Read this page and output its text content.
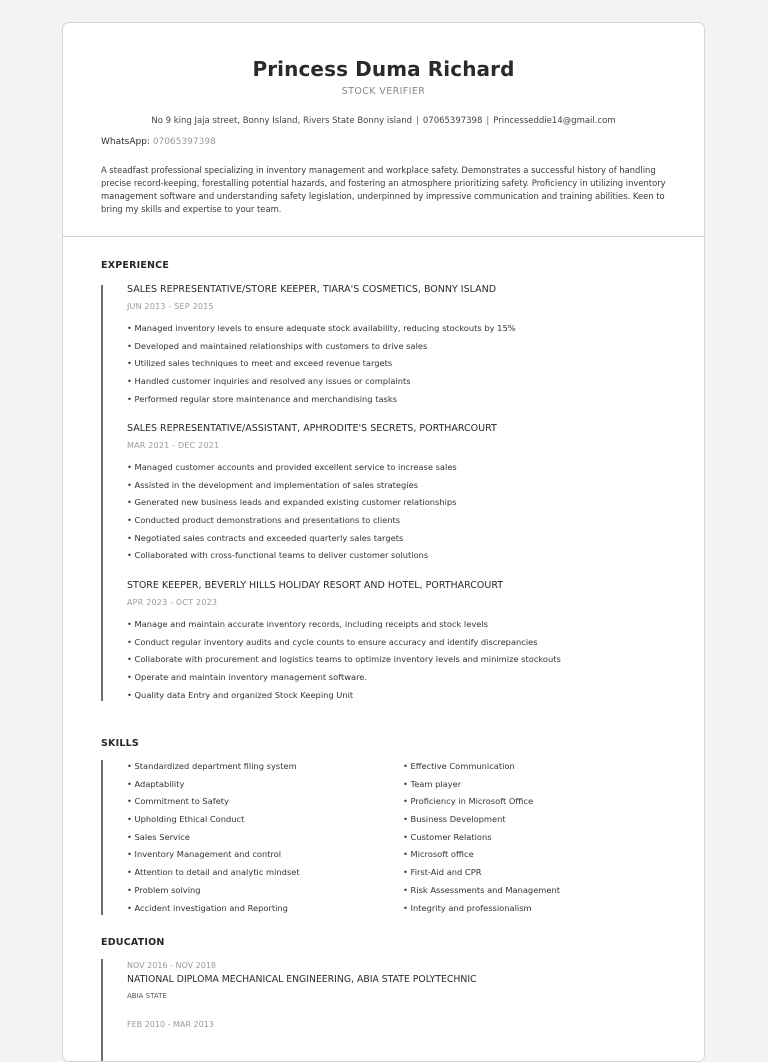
Princess Duma Richard
STOCK VERIFIER
No 9 king Jaja street, Bonny Island, Rivers State Bonny island | 07065397398 | Princesseddie14@gmail.com
WhatsApp: 07065397398
A steadfast professional specializing in inventory management and workplace safety. Demonstrates a successful history of handling precise record-keeping, forestalling potential hazards, and fostering an atmosphere prioritizing safety. Proficiency in utilizing inventory management software and understanding safety legislation, underpinned by impressive communication and training abilities. Keen to bring my skills and expertise to your team.
EXPERIENCE
SALES REPRESENTATIVE/STORE KEEPER, TIARA'S COSMETICS, BONNY ISLAND
JUN 2013 - SEP 2015
• Managed inventory levels to ensure adequate stock availability, reducing stockouts by 15%
• Developed and maintained relationships with customers to drive sales
• Utilized sales techniques to meet and exceed revenue targets
• Handled customer inquiries and resolved any issues or complaints
• Performed regular store maintenance and merchandising tasks
SALES REPRESENTATIVE/ASSISTANT, APHRODITE'S SECRETS, PORTHARCOURT
MAR 2021 - DEC 2021
• Managed customer accounts and provided excellent service to increase sales
• Assisted in the development and implementation of sales strategies
• Generated new business leads and expanded existing customer relationships
• Conducted product demonstrations and presentations to clients
• Negotiated sales contracts and exceeded quarterly sales targets
• Collaborated with cross-functional teams to deliver customer solutions
STORE KEEPER, BEVERLY HILLS HOLIDAY RESORT AND HOTEL, PORTHARCOURT
APR 2023 - OCT 2023
• Manage and maintain accurate inventory records, including receipts and stock levels
• Conduct regular inventory audits and cycle counts to ensure accuracy and identify discrepancies
• Collaborate with procurement and logistics teams to optimize inventory levels and minimize stockouts
• Operate and maintain inventory management software.
• Quality data Entry and organized Stock Keeping Unit
SKILLS
• Standardized department filing system
• Adaptability
• Commitment to Safety
• Upholding Ethical Conduct
• Sales Service
• Inventory Management and control
• Attention to detail and analytic mindset
• Problem solving
• Accident investigation and Reporting
• Effective Communication
• Team player
• Proficiency in Microsoft Office
• Business Development
• Customer Relations
• Microsoft office
• First-Aid and CPR
• Risk Assessments and Management
• Integrity and professionalism
EDUCATION
NOV 2016 - NOV 2018
NATIONAL DIPLOMA MECHANICAL ENGINEERING, ABIA STATE POLYTECHNIC
ABIA STATE
FEB 2010 - MAR 2013
